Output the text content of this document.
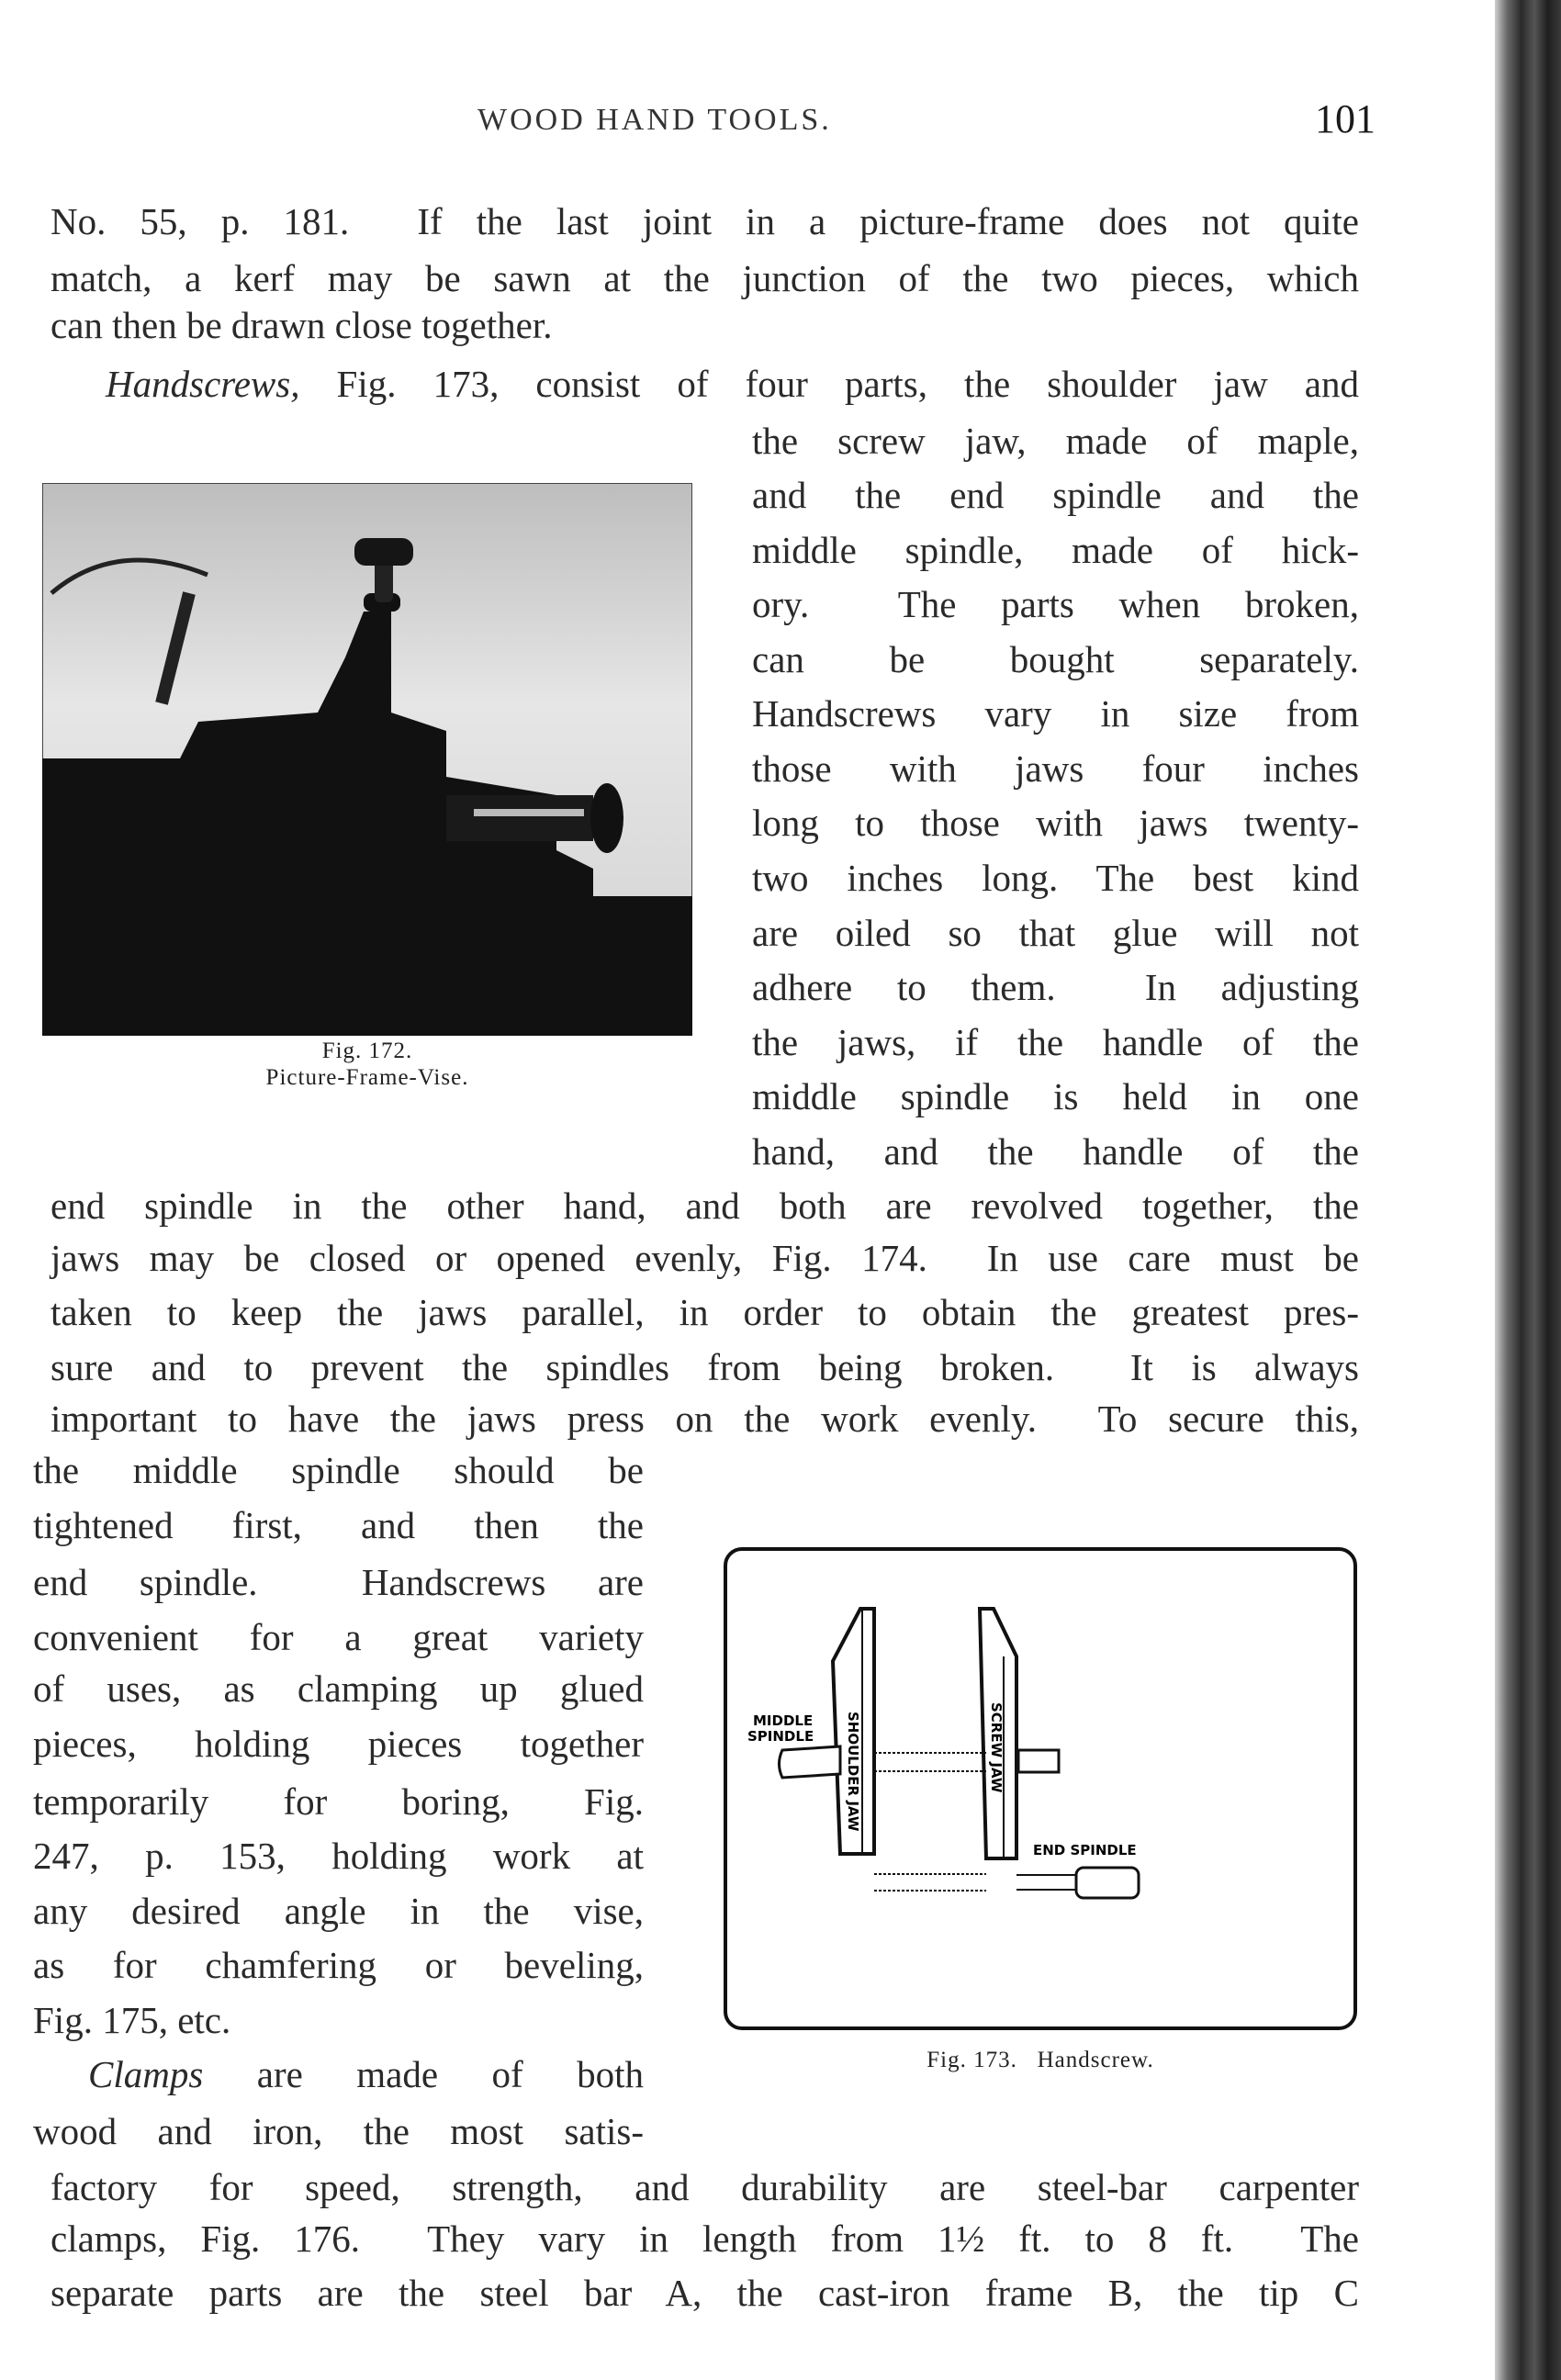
WOOD HAND TOOLS.	101
No. 55, p. 181.  If the last joint in a picture-frame does not quite
match, a kerf may be sawn at the junction of the two pieces, which
can then be drawn close together.
Handscrews, Fig. 173, consist of four parts, the shoulder jaw and
the screw jaw, made of maple,
and the end spindle and the
middle spindle, made of hick-
ory.  The parts when broken,
can be bought separately.
Handscrews vary in size from
those with jaws four inches
long to those with jaws twenty-
two inches long. The best kind
are oiled so that glue will not
adhere to them.  In adjusting
the jaws, if the handle of the
middle spindle is held in one
hand, and the handle of the
end spindle in the other hand, and both are revolved together, the
jaws may be closed or opened evenly, Fig. 174.  In use care must be
taken to keep the jaws parallel, in order to obtain the greatest pres-
sure and to prevent the spindles from being broken.  It is always
important to have the jaws press on the work evenly.  To secure this,
the middle spindle should be
tightened first, and then the
end spindle.  Handscrews are
convenient for a great variety
of uses, as clamping up glued
pieces, holding pieces together
temporarily for boring, Fig.
247, p. 153, holding work at
any desired angle in the vise,
as for chamfering or beveling,
Fig. 175, etc.
Clamps are made of both
wood and iron, the most satis-
factory for speed, strength, and durability are steel-bar carpenter
clamps, Fig. 176.  They vary in length from 1½ ft. to 8 ft.  The
separate parts are the steel bar A, the cast-iron frame B, the tip C
Fig. 172.
Picture-Frame-Vise.
MIDDLE
SPINDLE SHOULDER JAW	SCREW JAW
END SPINDLE
Fig. 173.   Handscrew.
